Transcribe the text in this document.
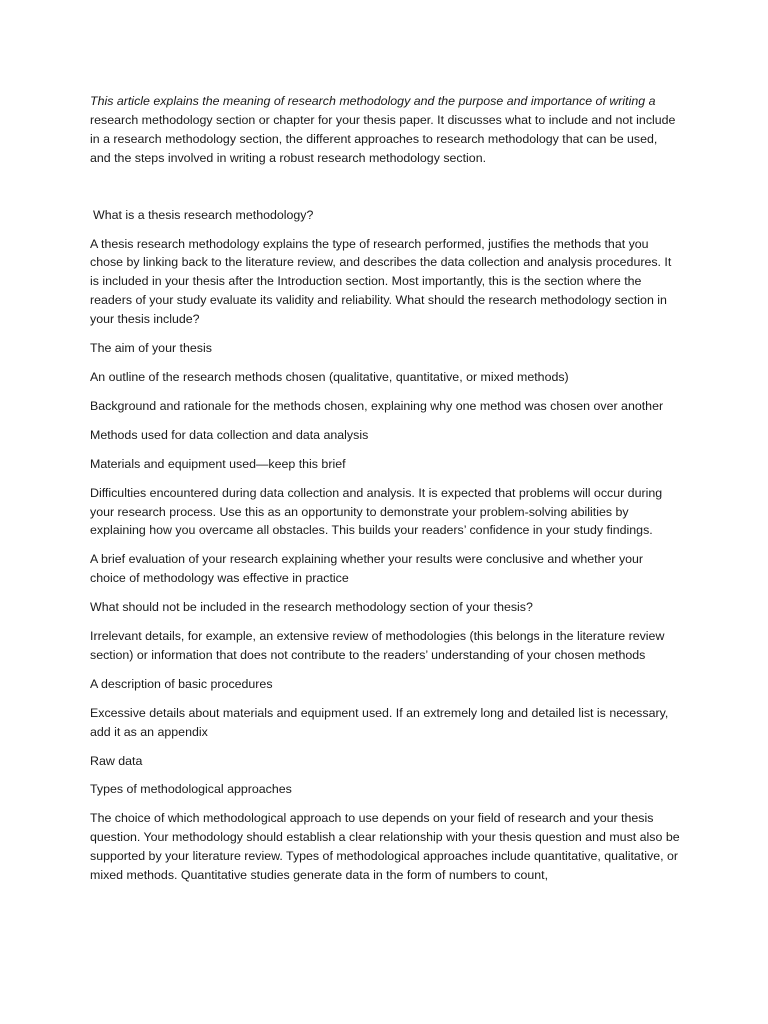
This article explains the meaning of research methodology and the purpose and importance of writing a research methodology section or chapter for your thesis paper. It discusses what to include and not include in a research methodology section, the different approaches to research methodology that can be used, and the steps involved in writing a robust research methodology section.

What is a thesis research methodology?

A thesis research methodology explains the type of research performed, justifies the methods that you chose by linking back to the literature review, and describes the data collection and analysis procedures. It is included in your thesis after the Introduction section. Most importantly, this is the section where the readers of your study evaluate its validity and reliability. What should the research methodology section in your thesis include?

The aim of your thesis

An outline of the research methods chosen (qualitative, quantitative, or mixed methods)

Background and rationale for the methods chosen, explaining why one method was chosen over another

Methods used for data collection and data analysis

Materials and equipment used—keep this brief

Difficulties encountered during data collection and analysis. It is expected that problems will occur during your research process. Use this as an opportunity to demonstrate your problem-solving abilities by explaining how you overcame all obstacles. This builds your readers’ confidence in your study findings.

A brief evaluation of your research explaining whether your results were conclusive and whether your choice of methodology was effective in practice

What should not be included in the research methodology section of your thesis?

Irrelevant details, for example, an extensive review of methodologies (this belongs in the literature review section) or information that does not contribute to the readers’ understanding of your chosen methods

A description of basic procedures

Excessive details about materials and equipment used. If an extremely long and detailed list is necessary, add it as an appendix

Raw data

Types of methodological approaches

The choice of which methodological approach to use depends on your field of research and your thesis question. Your methodology should establish a clear relationship with your thesis question and must also be supported by your literature review. Types of methodological approaches include quantitative, qualitative, or mixed methods. Quantitative studies generate data in the form of numbers to count,
